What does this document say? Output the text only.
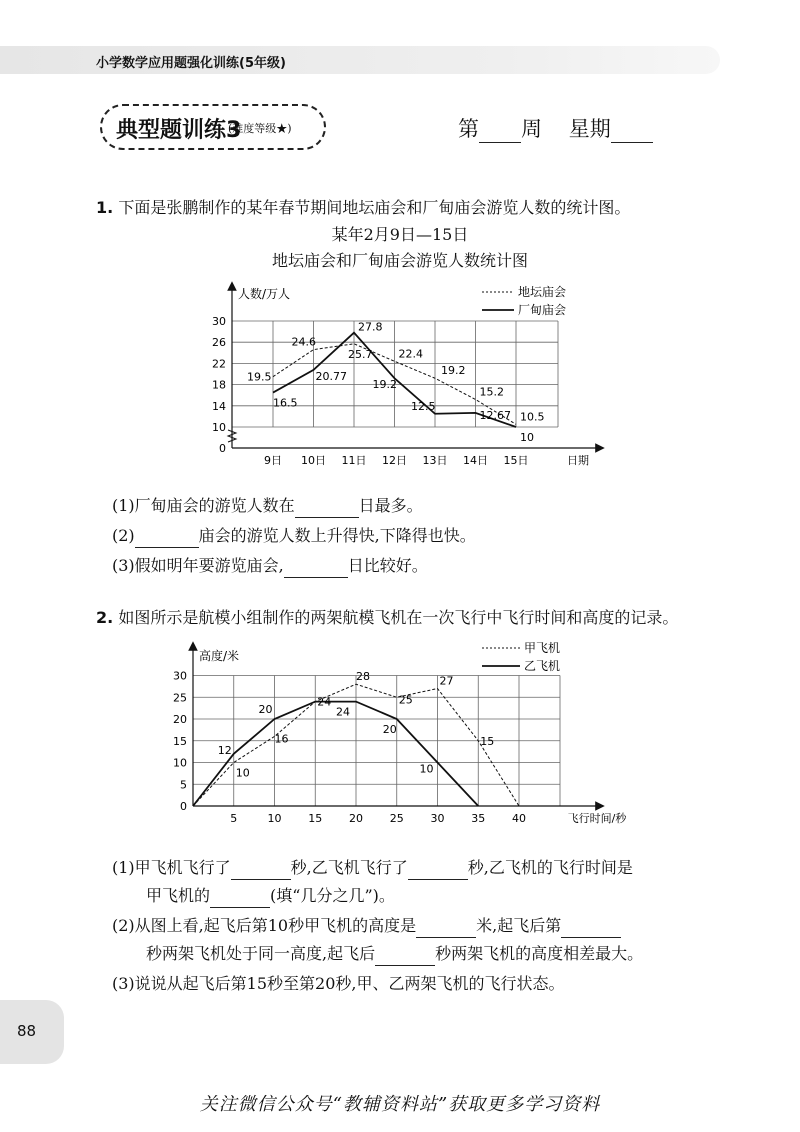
小学数学应用题强化训练(5年级)
典型题训练3
(难度等级★)	第 周 星期
1. 下面是张鹏制作的某年春节期间地坛庙会和厂甸庙会游览人数的统计图。
某年2月9日—15日
地坛庙会和厂甸庙会游览人数统计图
0
10
14
18
22
26
30
9日 10日 11日 12日 13日 14日 15日	日期
人数/万人	地坛庙会
厂甸庙会
19.5
24.6
25.7 22.4
19.2
15.2
10.5
16.5
20.77
27.8
19.2
12.5
12.67
10
(1)厂甸庙会的游览人数在	日最多。
(2)	庙会的游览人数上升得快,下降得也快。
(3)假如明年要游览庙会,	日比较好。
2. 如图所示是航模小组制作的两架航模飞机在一次飞行中飞行时间和高度的记录。
0
5
10
15
20
25
30
5	10 15 20 25 30 35 40	飞行时间/秒
高度/米
甲飞机
乙飞机
10
16
24
28
25
27
15
12
20	24
20
10
(1)甲飞机飞行了	秒,乙飞机飞行了	秒,乙飞机的飞行时间是
甲飞机的	(填“几分之几”)。
(2)从图上看,起飞后第10秒甲飞机的高度是	米,起飞后第
秒两架飞机处于同一高度,起飞后	秒两架飞机的高度相差最大。
(3)说说从起飞后第15秒至第20秒,甲、乙两架飞机的飞行状态。
88
关注微信公众号“教辅资料站”获取更多学习资料
